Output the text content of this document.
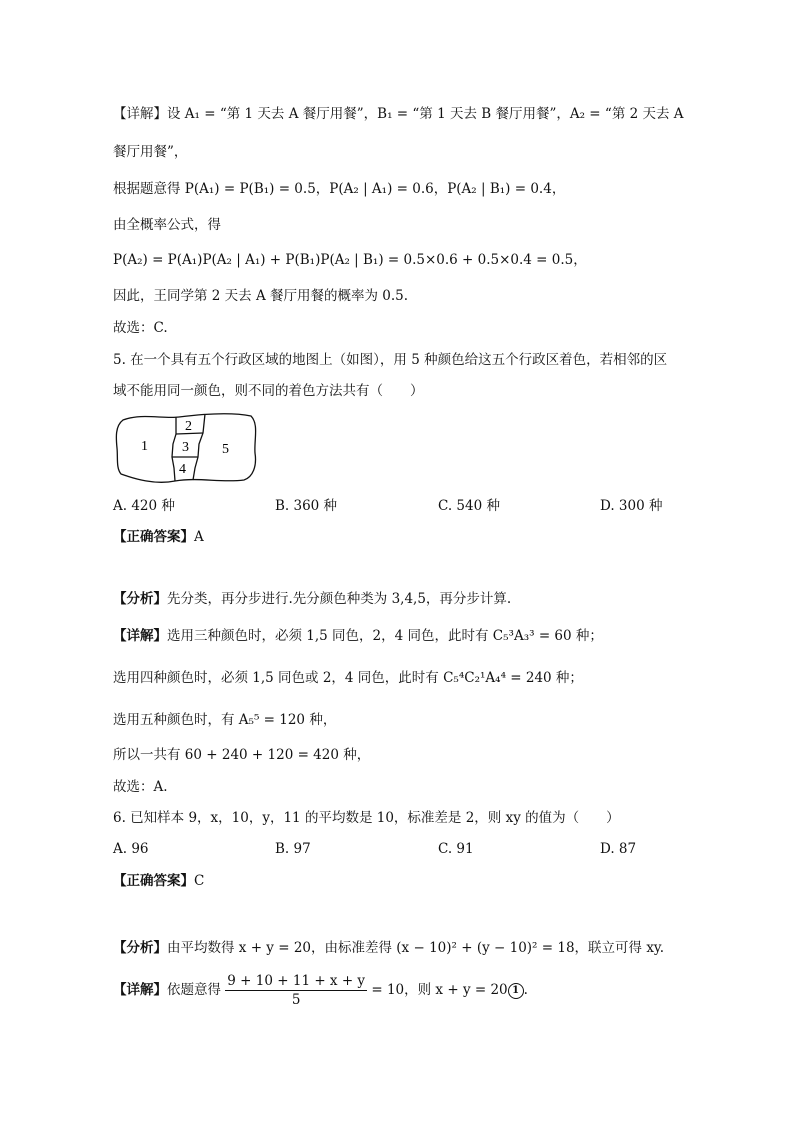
【详解】设 A₁ = “第 1 天去 A 餐厅用餐”，B₁ = “第 1 天去 B 餐厅用餐”，A₂ = “第 2 天去 A
餐厅用餐”，
根据题意得 P(A₁) = P(B₁) = 0.5，P(A₂ | A₁) = 0.6，P(A₂ | B₁) = 0.4，
由全概率公式，得
P(A₂) = P(A₁)P(A₂ | A₁) + P(B₁)P(A₂ | B₁) = 0.5×0.6 + 0.5×0.4 = 0.5，
因此，王同学第 2 天去 A 餐厅用餐的概率为 0.5.
故选：C.
5. 在一个具有五个行政区域的地图上（如图），用 5 种颜色给这五个行政区着色，若相邻的区
域不能用同一颜色，则不同的着色方法共有（　　）
1
2
3
4
5
A. 420 种	B. 360 种	C. 540 种	D. 300 种
【正确答案】A
【分析】先分类，再分步进行.先分颜色种类为 3,4,5，再分步计算.
【详解】选用三种颜色时，必须 1,5 同色，2，4 同色，此时有 C₅³A₃³ = 60 种；
选用四种颜色时，必须 1,5 同色或 2，4 同色，此时有 C₅⁴C₂¹A₄⁴ = 240 种；
选用五种颜色时，有 A₅⁵ = 120 种，
所以一共有 60 + 240 + 120 = 420 种，
故选：A.
6. 已知样本 9，x，10，y，11 的平均数是 10，标准差是 2，则 xy 的值为（　　）
A. 96	B. 97	C. 91	D. 87
【正确答案】C
【分析】由平均数得 x + y = 20，由标准差得 (x − 10)² + (y − 10)² = 18，联立可得 xy.
【详解】依题意得 $\frac{9 + 10 + 11 + x + y}{5} = 10$，则 x + y = 20 1 .
